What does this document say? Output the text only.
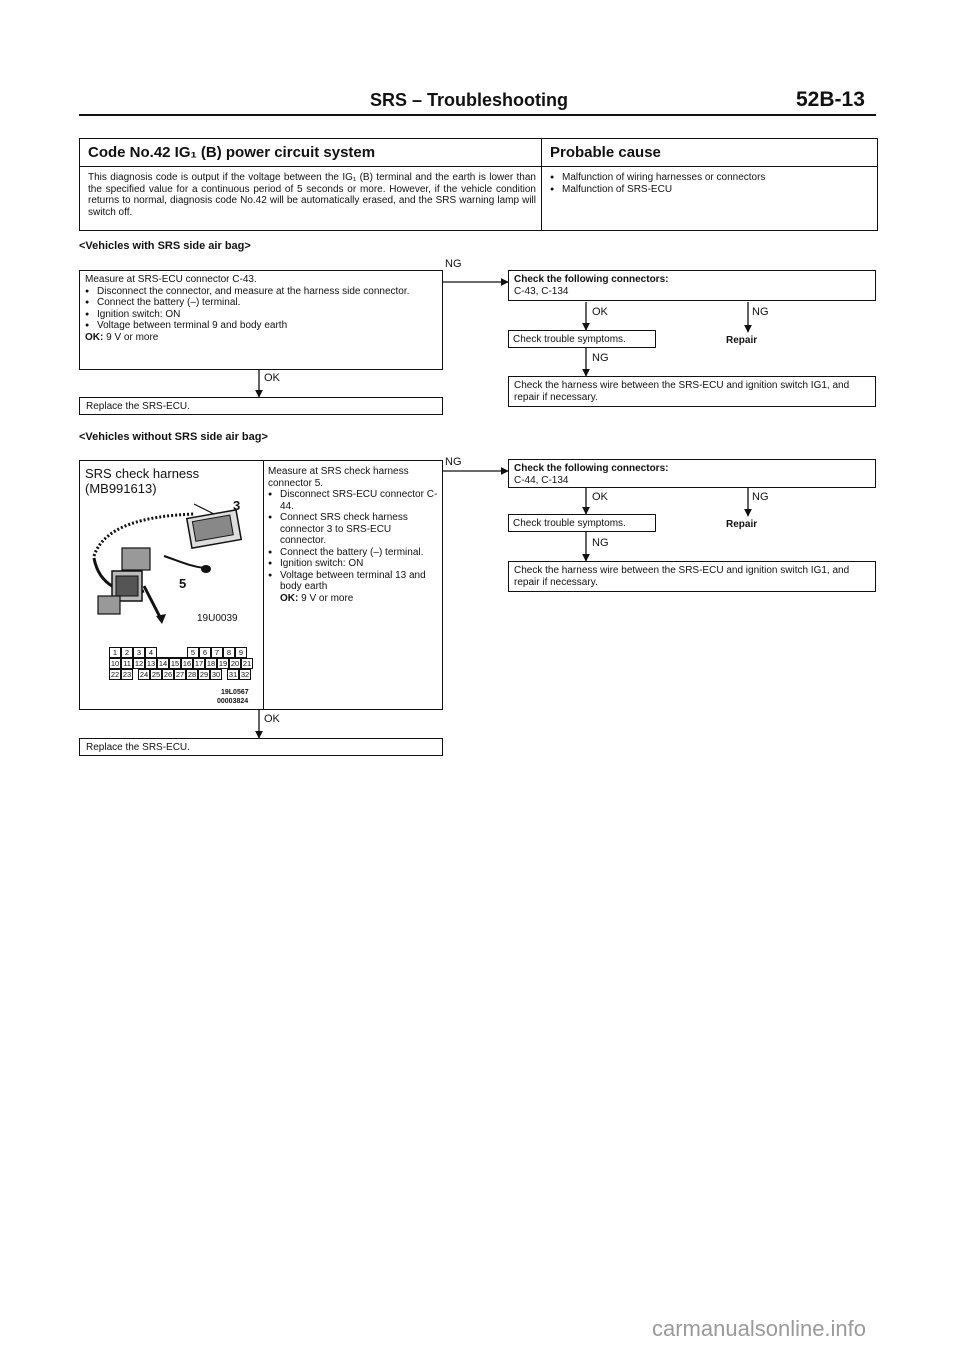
SRS – Troubleshooting	52B-13
Code No.42 IG₁ (B) power circuit system	Probable cause
This diagnosis code is output if the voltage between the IG₁ (B) terminal and the earth is lower than the specified value for a continuous period of 5 seconds or more. However, if the vehicle condition returns to normal, diagnosis code No.42 will be automatically erased, and the SRS warning lamp will switch off.
● Malfunction of wiring harnesses or connectors
● Malfunction of SRS-ECU
<Vehicles with SRS side air bag>
Measure at SRS-ECU connector C-43.
● Disconnect the connector, and measure at the harness side connector.
● Connect the battery (–) terminal.
● Ignition switch: ON
● Voltage between terminal 9 and body earth
OK: 9 V or more
NG
OK
Replace the SRS-ECU.
Check the following connectors:
C-43, C-134
OK	NG
Check trouble symptoms.	Repair
NG
Check the harness wire between the SRS-ECU and ignition switch IG1, and repair if necessary.
<Vehicles without SRS side air bag>
SRS check harness
(MB991613)
3
5
19U0039
1	2	3	4	5	6	7	8	9
10 11 12 13 14 15 16 17 18 19 20 21
22 23 24 25 26 27 28 29 30 31 32
19L0567
00003824
Measure at SRS check harness connector 5.
● Disconnect SRS-ECU connector C-44.
● Connect SRS check harness connector 3 to SRS-ECU connector.
● Connect the battery (–) terminal.
● Ignition switch: ON
● Voltage between terminal 13 and body earth
OK: 9 V or more
NG
OK
Replace the SRS-ECU.
Check the following connectors:
C-44, C-134
OK	NG
Check trouble symptoms.	Repair
NG
Check the harness wire between the SRS-ECU and ignition switch IG1, and repair if necessary.
carmanualsonline.info
